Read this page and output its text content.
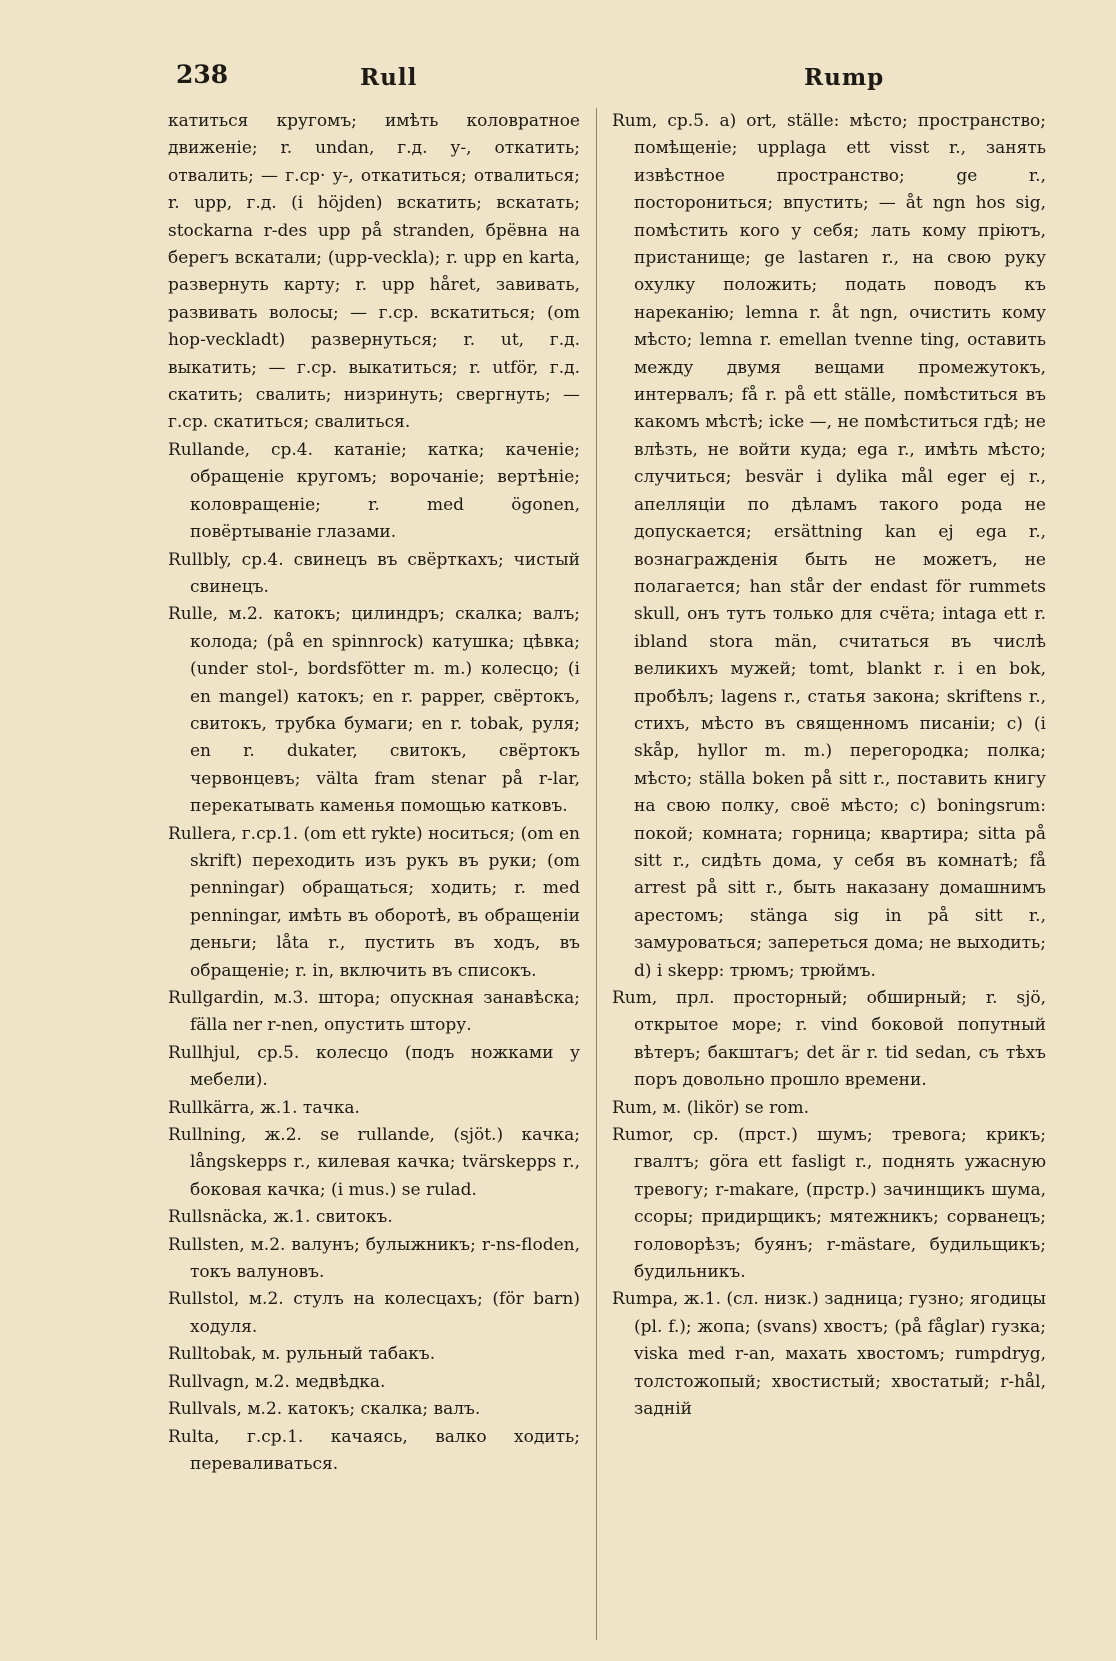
238	Rull	Rump

катиться кругомъ; имѣть коловратное движеніе; r. undan, г.д. у-, откатить; отвалить; — г.ср· у-, откатиться; отвалиться; r. upp, г.д. (i höjden) вскатить; вскатать; stockarna r-des upp på stranden, брёвна на берегъ вскатали; (upp-veckla); r. upp en karta, развернуть карту; r. upp håret, завивать, развивать волосы; — г.ср. вскатиться; (om hop-veckladt) развернуться; r. ut, г.д. выкатить; — г.ср. выкатиться; r. utför, г.д. скатить; свалить; низринуть; свергнуть; — г.ср. скатиться; свалиться.

Rullande, ср.4. катаніе; катка; каченіе; обращеніе кругомъ; ворочаніе; вертѣніе; коловращеніе; r. med ögonen, повёртываніе глазами.

Rullbly, ср.4. свинецъ въ свёрткахъ; чистый свинецъ.

Rulle, м.2. катокъ; цилиндръ; скалка; валъ; колода; (på en spinnrock) катушка; цѣвка; (under stol-, bordsfötter m. m.) колесцо; (i en mangel) катокъ; en r. papper, свёртокъ, свитокъ, трубка бумаги; en r. tobak, руля; en r. dukater, свитокъ, свёртокъ червонцевъ; välta fram stenar på r-lar, перекатывать каменья помощью катковъ.

Rullera, г.ср.1. (om ett rykte) носиться; (om en skrift) переходить изъ рукъ въ руки; (om penningar) обращаться; ходить; r. med penningar, имѣть въ оборотѣ, въ обращеніи деньги; låta r., пустить въ ходъ, въ обращеніе; r. in, включить въ списокъ.

Rullgardin, м.3. штора; опускная занавѣска; fälla ner r-nen, опустить штору.

Rullhjul, ср.5. колесцо (подъ ножками у мебели).

Rullkärra, ж.1. тачка.

Rullning, ж.2. se rullande, (sjöt.) качка; långskepps r., килевая качка; tvärskepps r., боковая качка; (i mus.) se rulad.

Rullsnäcka, ж.1. свитокъ.

Rullsten, м.2. валунъ; булыжникъ; r-ns-floden, токъ валуновъ.

Rullstol, м.2. стулъ на колесцахъ; (för barn) ходуля.

Rulltobak, м. рульный табакъ.

Rullvagn, м.2. медвѣдка.

Rullvals, м.2. катокъ; скалка; валъ.

Rulta, г.ср.1. качаясь, валко ходить; переваливаться.

Rum, ср.5. a) ort, ställe: мѣсто; пространство; помѣщеніе; upplaga ett visst r., занять извѣстное пространство; ge r., посторониться; впустить; — åt ngn hos sig, помѣстить кого у себя; лать кому пріютъ, пристанище; ge lastaren r., на свою руку охулку положить; подать поводъ къ нареканію; lemna r. åt ngn, очистить кому мѣсто; lemna r. emellan tvenne ting, оставить между двумя вещами промежутокъ, интервалъ; få r. på ett ställe, помѣститься въ какомъ мѣстѣ; icke —, не помѣститься гдѣ; не влѣзть, не войти куда; ega r., имѣть мѣсто; случиться; besvär i dylika mål eger ej r., апелляціи по дѣламъ такого рода не допускается; ersättning kan ej ega r., вознагражденія быть не можетъ, не полагается; han står der endast för rummets skull, онъ тутъ только для счёта; intaga ett r. ibland stora män, считаться въ числѣ великихъ мужей; tomt, blankt r. i en bok, пробѣлъ; lagens r., статья закона; skriftens r., стихъ, мѣсто въ священномъ писаніи; c) (i skåp, hyllor m. m.) перегородка; полка; мѣсто; ställa boken på sitt r., поставить книгу на свою полку, своё мѣсто; c) boningsrum: покой; комната; горница; квартира; sitta på sitt r., сидѣть дома, у себя въ комнатѣ; få arrest på sitt r., быть наказану домашнимъ арестомъ; stänga sig in på sitt r., замуроваться; запереться дома; не выходить; d) i skepp: трюмъ; трюймъ.

Rum, прл. просторный; обширный; r. sjö, открытое море; r. vind боковой попутный вѣтеръ; бакштагъ; det är r. tid sedan, съ тѣхъ поръ довольно прошло времени.

Rum, м. (likör) se rom.

Rumor, ср. (прст.) шумъ; тревога; крикъ; гвалтъ; göra ett fasligt r., поднять ужасную тревогу; r-makare, (прстр.) зачинщикъ шума, ссоры; придирщикъ; мятежникъ; сорванецъ; головорѣзъ; буянъ; r-mästare, будильщикъ; будильникъ.

Rumpa, ж.1. (сл. низк.) задница; гузно; ягодицы (pl. f.); жопа; (svans) хвостъ; (på fåglar) гузка; viska med r-an, махать хвостомъ; rumpdryg, толстожопый; хвостистый; хвостатый; r-hål, задній
